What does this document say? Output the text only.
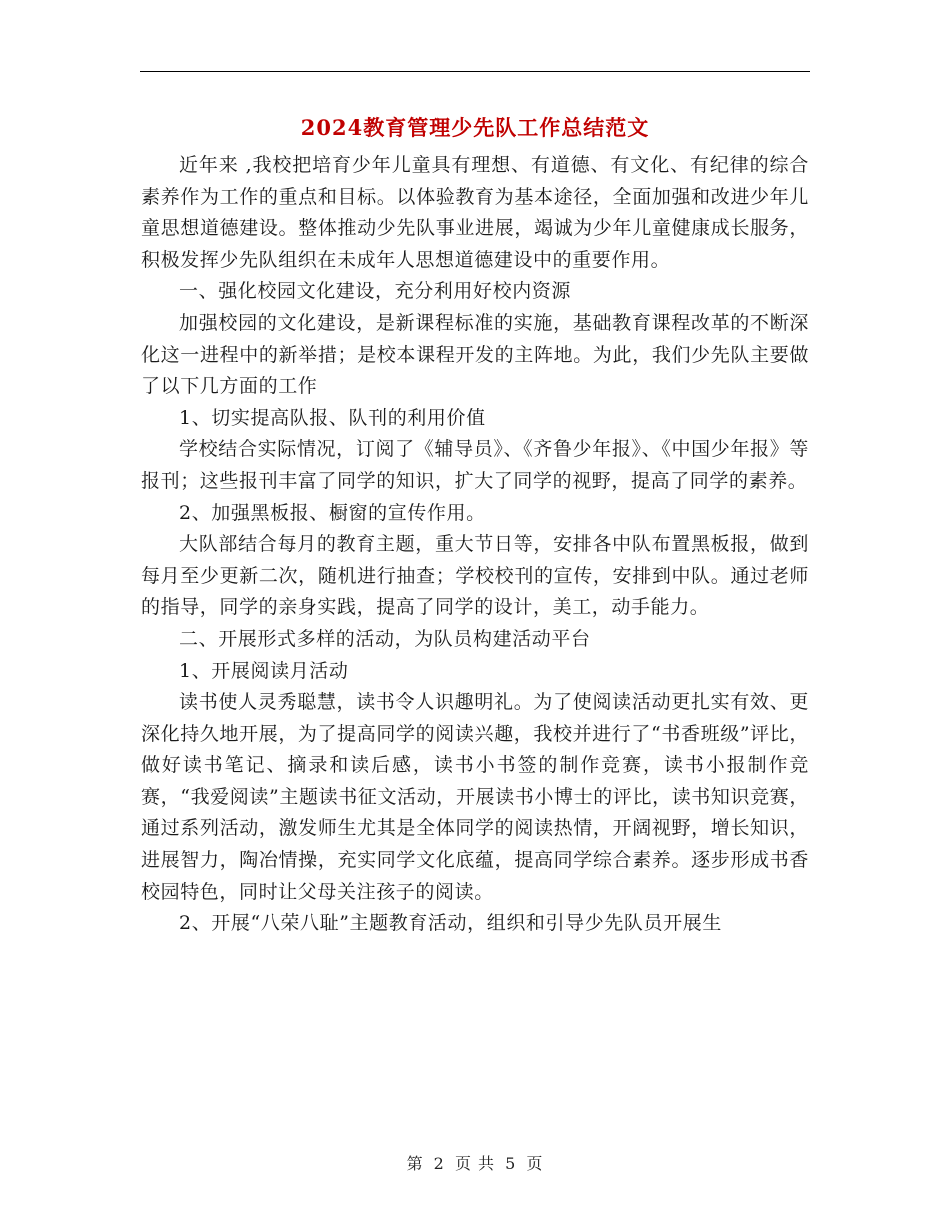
2024教育管理少先队工作总结范文

近年来 ,我校把培育少年儿童具有理想、有道德、有文化、有纪律的综合素养作为工作的重点和目标。以体验教育为基本途径，全面加强和改进少年儿童思想道德建设。整体推动少先队事业进展，竭诚为少年儿童健康成长服务，积极发挥少先队组织在未成年人思想道德建设中的重要作用。

一、强化校园文化建设，充分利用好校内资源

加强校园的文化建设，是新课程标准的实施，基础教育课程改革的不断深化这一进程中的新举措；是校本课程开发的主阵地。为此，我们少先队主要做了以下几方面的工作

1、切实提高队报、队刊的利用价值

学校结合实际情况，订阅了《辅导员》、《齐鲁少年报》、《中国少年报》等报刊；这些报刊丰富了同学的知识，扩大了同学的视野，提高了同学的素养。

2、加强黑板报、橱窗的宣传作用。

大队部结合每月的教育主题，重大节日等，安排各中队布置黑板报，做到每月至少更新二次，随机进行抽查；学校校刊的宣传，安排到中队。通过老师的指导，同学的亲身实践，提高了同学的设计，美工，动手能力。

二、开展形式多样的活动，为队员构建活动平台

1、开展阅读月活动

读书使人灵秀聪慧，读书令人识趣明礼。为了使阅读活动更扎实有效、更深化持久地开展，为了提高同学的阅读兴趣，我校并进行了“书香班级”评比，做好读书笔记、摘录和读后感，读书小书签的制作竞赛，读书小报制作竞赛，“我爱阅读”主题读书征文活动，开展读书小博士的评比，读书知识竞赛，通过系列活动，激发师生尤其是全体同学的阅读热情，开阔视野，增长知识，进展智力，陶冶情操，充实同学文化底蕴，提高同学综合素养。逐步形成书香校园特色，同时让父母关注孩子的阅读。

2、开展“八荣八耻”主题教育活动，组织和引导少先队员开展生

第 2 页 共 5 页
